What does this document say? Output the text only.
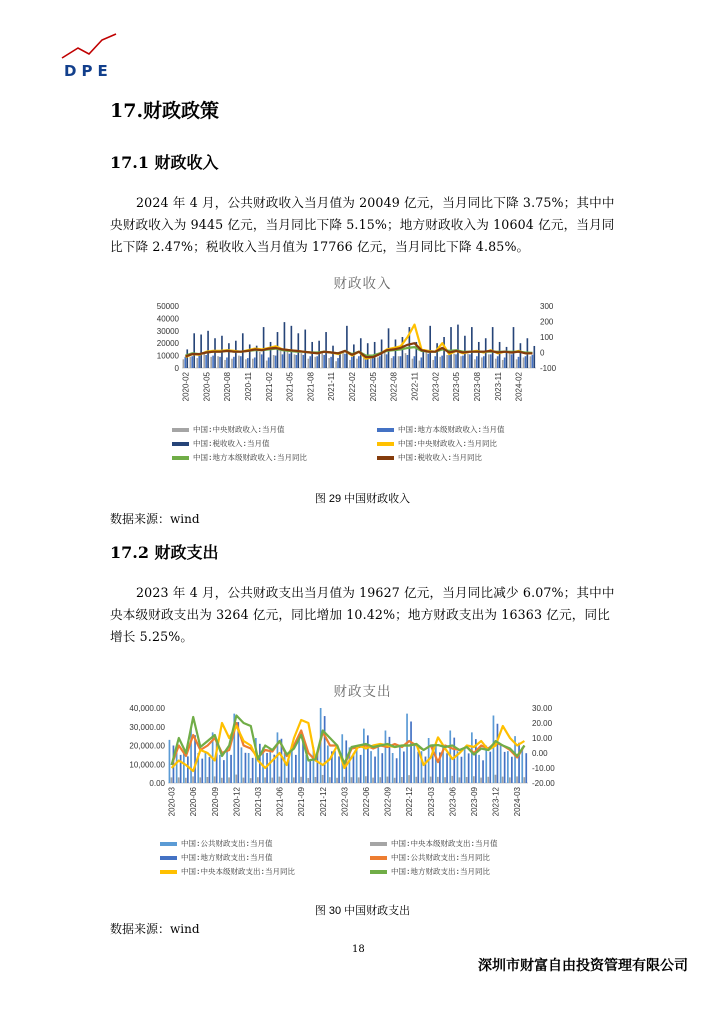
DPE
17.财政政策
17.1 财政收入

2024 年 4 月，公共财政收入当月值为 20049 亿元，当月同比下降 3.75%；其中中央财政收入为 9445 亿元，当月同比下降 5.15%；地方财政收入为 10604 亿元，当月同比下降 2.47%；税收收入当月值为 17766 亿元，当月同比下降 4.85%。

财政收入
0
10000
20000
30000
40000
50000
-100
0
100
200
300
2020-02 2020-05 2020-08 2020-11 2021-02 2021-05 2021-08 2021-11 2022-02 2022-05 2022-08 2022-11 2023-02 2023-05 2023-08 2023-11 2024-02
中国:中央财政收入:当月值	中国:地方本级财政收入:当月值
中国:税收收入:当月值	中国:中央财政收入:当月同比
中国:地方本级财政收入:当月同比	中国:税收收入:当月同比
图 29 中国财政收入
数据来源：wind
17.2 财政支出

2023 年 4 月，公共财政支出当月值为 19627 亿元，当月同比减少 6.07%；其中中央本级财政支出为 3264 亿元，同比增加 10.42%；地方财政支出为 16363 亿元，同比增长 5.25%。

财政支出
0.00
10,000.00
20,000.00
30,000.00
40,000.00
-20.00
-10.00
0.00
10.00
20.00
30.00
2020-03 2020-06 2020-09 2020-12 2021-03 2021-06 2021-09 2021-12 2022-03 2022-06 2022-09 2022-12 2023-03 2023-06 2023-09 2023-12 2024-03
中国:公共财政支出:当月值	中国:中央本级财政支出:当月值
中国:地方财政支出:当月值	中国:公共财政支出:当月同比
中国:中央本级财政支出:当月同比	中国:地方财政支出:当月同比
图 30 中国财政支出
数据来源：wind
18
深圳市财富自由投资管理有限公司
